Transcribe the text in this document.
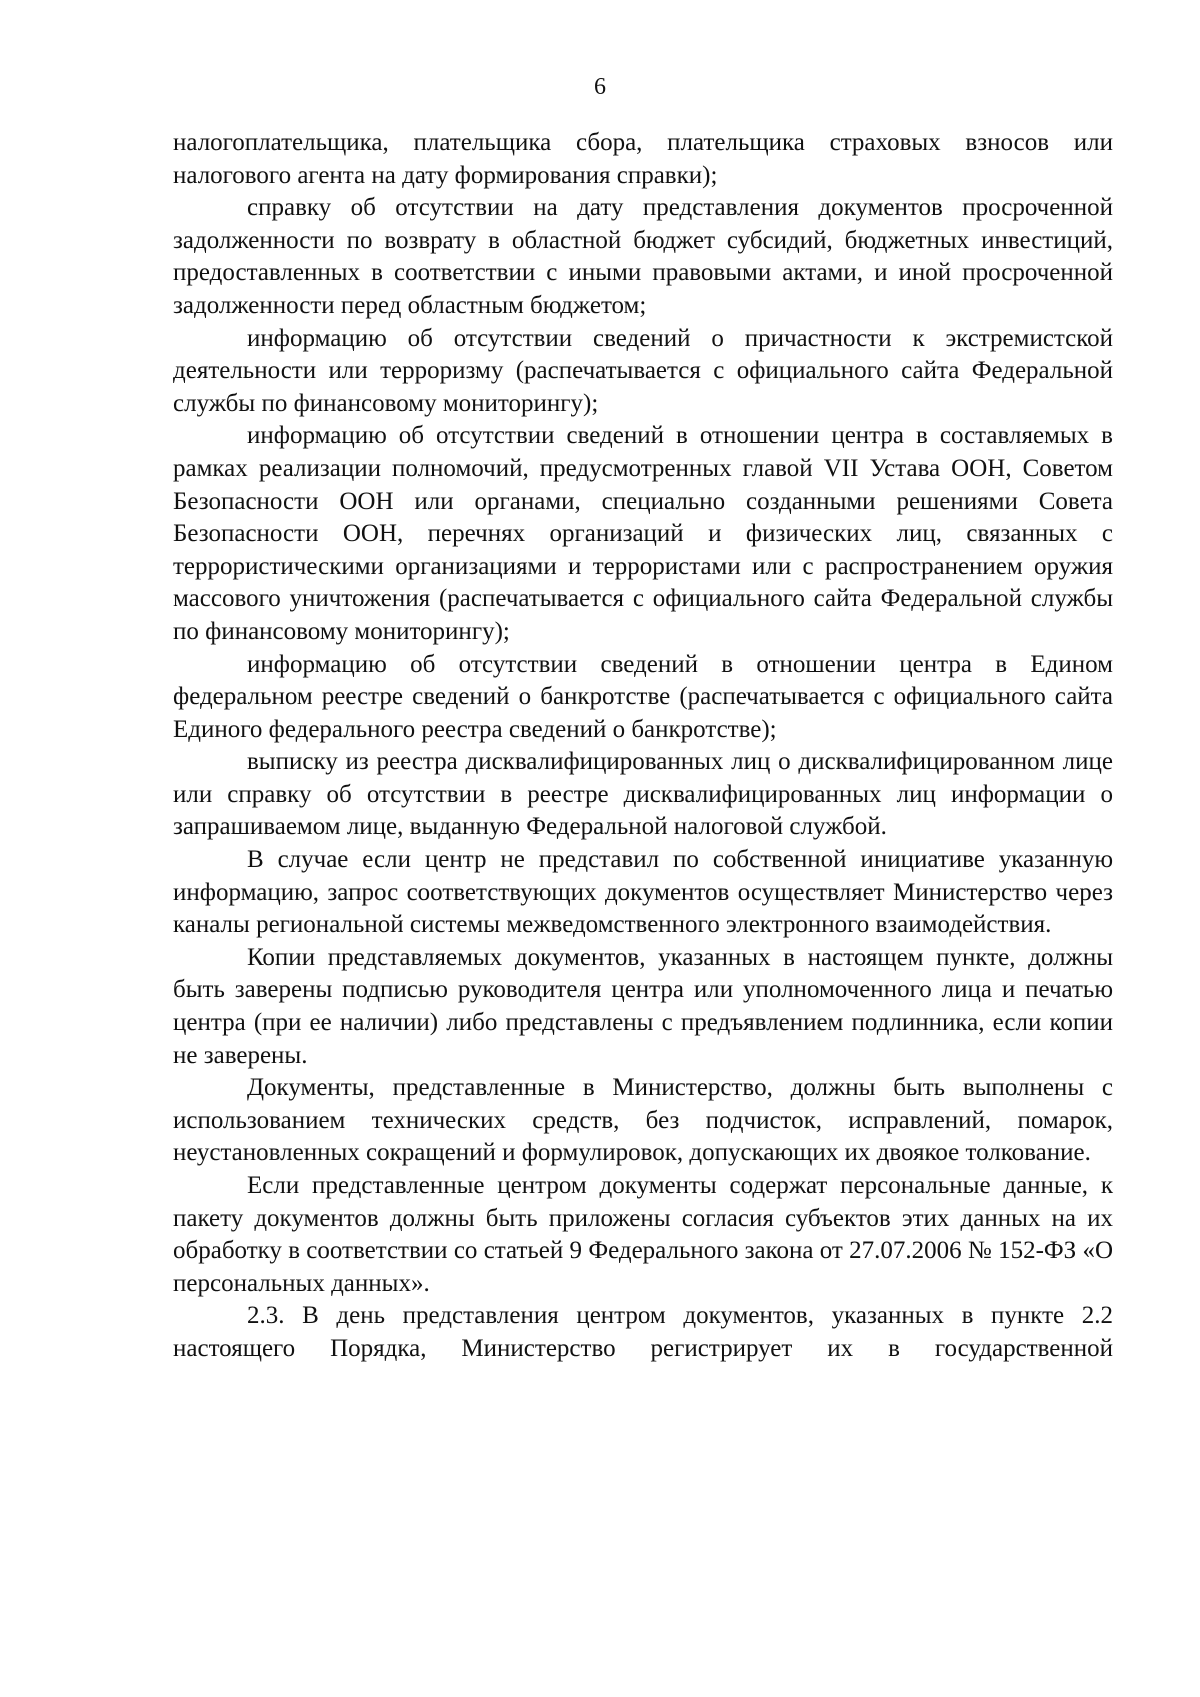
6

налогоплательщика, плательщика сбора, плательщика страховых взносов или налогового агента на дату формирования справки);

справку об отсутствии на дату представления документов просроченной задолженности по возврату в областной бюджет субсидий, бюджетных инвестиций, предоставленных в соответствии с иными правовыми актами, и иной просроченной задолженности перед областным бюджетом;

информацию об отсутствии сведений о причастности к экстремистской деятельности или терроризму (распечатывается с официального сайта Федеральной службы по финансовому мониторингу);

информацию об отсутствии сведений в отношении центра в составляемых в рамках реализации полномочий, предусмотренных главой VII Устава ООН, Советом Безопасности ООН или органами, специально созданными решениями Совета Безопасности ООН, перечнях организаций и физических лиц, связанных с террористическими организациями и террористами или с распространением оружия массового уничтожения (распечатывается с официального сайта Федеральной службы по финансовому мониторингу);

информацию об отсутствии сведений в отношении центра в Едином федеральном реестре сведений о банкротстве (распечатывается с официального сайта Единого федерального реестра сведений о банкротстве);

выписку из реестра дисквалифицированных лиц о дисквалифицированном лице или справку об отсутствии в реестре дисквалифицированных лиц информации о запрашиваемом лице, выданную Федеральной налоговой службой.

В случае если центр не представил по собственной инициативе указанную информацию, запрос соответствующих документов осуществляет Министерство через каналы региональной системы межведомственного электронного взаимодействия.

Копии представляемых документов, указанных в настоящем пункте, должны быть заверены подписью руководителя центра или уполномоченного лица и печатью центра (при ее наличии) либо представлены с предъявлением подлинника, если копии не заверены.

Документы, представленные в Министерство, должны быть выполнены с использованием технических средств, без подчисток, исправлений, помарок, неустановленных сокращений и формулировок, допускающих их двоякое толкование.

Если представленные центром документы содержат персональные данные, к пакету документов должны быть приложены согласия субъектов этих данных на их обработку в соответствии со статьей 9 Федерального закона от 27.07.2006 № 152-ФЗ «О персональных данных».

2.3. В день представления центром документов, указанных в пункте 2.2 настоящего Порядка, Министерство регистрирует их в государственной
